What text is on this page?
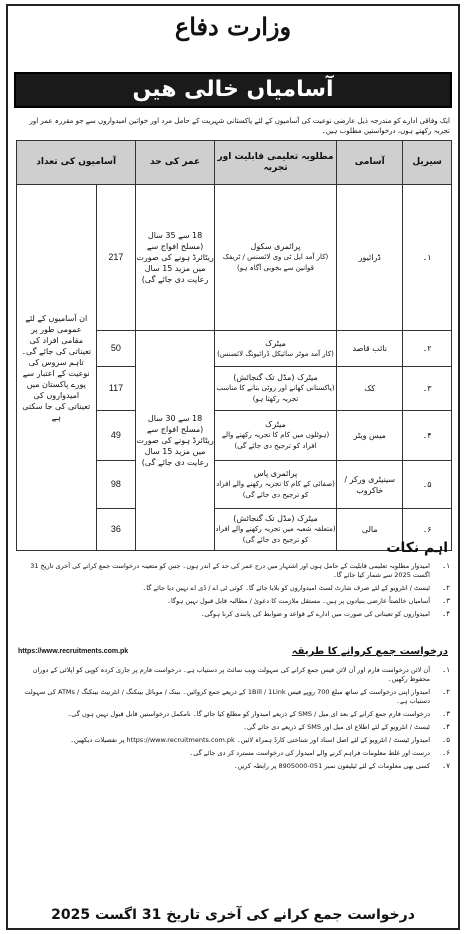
وزارت دفاع
آسامیاں خالی ھیں
ایک وفاقی ادارے کو مندرجہ ذیل عارضی نوعیت کی آسامیوں کے لئے پاکستانی شہریت کے حامل مرد اور خواتین امیدواروں سے جو مقررہ عمر اور تجربہ رکھتے ہوں، درخواستیں مطلوب ہیں۔
سیریل	آسامی	مطلوبہ تعلیمی قابلیت اور تجربہ	عمر کی حد	آسامیوں کی تعداد	
۱۔	ڈرائیور	پرائمری سکول
(کار آمد ایل ٹی وی لائسنس / ٹریفک قوانین سے بخوبی آگاہ ہو)	18 سے 35 سال (مسلح افواج سے ریٹائرڈ ہونے کی صورت میں مزید 15 سال رعایت دی جائے گی)	217	ان آسامیوں کے لئے عمومی طور پر مقامی افراد کی تعیناتی کی جائے گی۔ تاہم سروس کی نوعیت کے اعتبار سے پورے پاکستان میں امیدواروں کی تعیناتی کی جا سکتی ہے
۲۔	نائب قاصد	میٹرک
(کار آمد موٹر سائیکل ڈرائیونگ لائسنس)	18 سے 30 سال (مسلح افواج سے ریٹائرڈ ہونے کی صورت میں مزید 15 سال رعایت دی جائے گی)	50	
۳۔	کک	میٹرک (مڈل تک گنجائش)
(پاکستانی کھانے اور روٹی بنانے کا مناسب تجربہ رکھتا ہو)		117	
۴۔	میس ویٹر	میٹرک
(ہوٹلوں میں کام کا تجربہ رکھنے والے افراد کو ترجیح دی جائے گی)		49	
۵۔	سینیٹری ورکر / خاکروب	پرائمری پاس
(صفائی کے کام کا تجربہ رکھنے والے افراد کو ترجیح دی جائے گی)		98	
۶۔	مالی	میٹرک (مڈل تک گنجائش)
(متعلقہ شعبہ میں تجربہ رکھنے والے افراد کو ترجیح دی جائے گی)		36	
اہم نکات
۱۔
امیدوار مطلوبہ تعلیمی قابلیت کے حامل ہوں اور اشتہار میں درج عمر کی حد کے اندر ہوں۔ جس کو متعینہ درخواست جمع کرانے کی آخری تاریخ 31 اگست 2025 سے شمار کیا جائے گا۔
۲۔
ٹیسٹ / انٹرویو کے لئے صرف شارٹ لسٹ امیدواروں کو بلایا جائے گا۔ کوئی ٹی اے / ڈی اے نہیں دیا جائے گا۔
۳۔
آسامیاں خالصتاً عارضی بنیادوں پر ہیں۔ مستقل ملازمت کا دعویٰ / مطالبہ قابل قبول نہیں ہوگا۔
۴۔
امیدواروں کو تعیناتی کی صورت میں ادارے کے قواعد و ضوابط کی پابندی کرنا ہوگی۔
درخواست جمع کروانے کا طریقہ
https://www.recruitments.com.pk
۱۔
آن لائن درخواست فارم اور آن لائن فیس جمع کرانے کی سہولت ویب سائٹ پر دستیاب ہے۔ درخواست فارم پر جاری کردہ کوپی کو اپلائی کے دوران محفوظ رکھیں۔
۲۔
امیدوار اپنی درخواست کے ساتھ مبلغ 700 روپے فیس 1Bill / 1Link کے ذریعے جمع کروائیں۔ بینک / موبائل بینکنگ / انٹرنیٹ بینکنگ / ATMs کی سہولت دستیاب ہے۔
۳۔
درخواست فارم جمع کرانے کے بعد ای میل / SMS کے ذریعے امیدوار کو مطلع کیا جائے گا۔ نامکمل درخواستیں قابل قبول نہیں ہوں گی۔
۴۔
ٹیسٹ / انٹرویو کے لئے اطلاع ای میل اور SMS کے ذریعے دی جائے گی۔
۵۔
امیدوار ٹیسٹ / انٹرویو کے لئے اصل اسناد اور شناختی کارڈ ہمراہ لائیں۔ https://www.recruitments.com.pk پر تفصیلات دیکھیں۔
۶۔
درست اور غلط معلومات فراہم کرنے والے امیدوار کی درخواست مسترد کر دی جائے گی۔
۷۔
کسی بھی معلومات کے لئے ٹیلیفون نمبر 051-8905000 پر رابطہ کریں۔
درخواست جمع کرانے کی آخری تاریخ 31 اگست 2025
